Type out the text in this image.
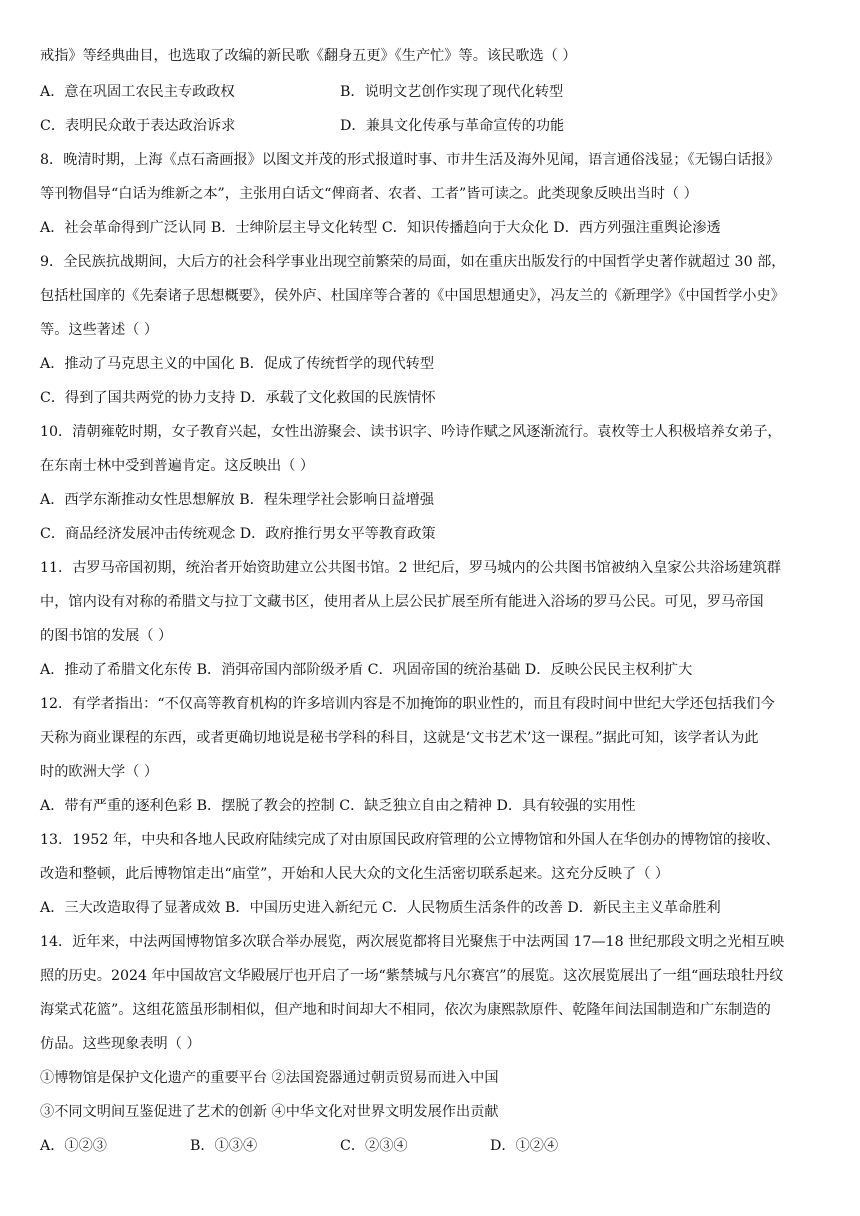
戒指》等经典曲目，也选取了改编的新民歌《翻身五更》《生产忙》等。该民歌选（ ）
A．意在巩固工农民主专政政权	B．说明文艺创作实现了现代化转型
C．表明民众敢于表达政治诉求	D．兼具文化传承与革命宣传的功能
8．晚清时期，上海《点石斋画报》以图文并茂的形式报道时事、市井生活及海外见闻，语言通俗浅显；《无锡白话报》
等刊物倡导“白话为维新之本”，主张用白话文“俾商者、农者、工者”皆可读之。此类现象反映出当时（ ）
A．社会革命得到广泛认同 B．士绅阶层主导文化转型 C．知识传播趋向于大众化 D．西方列强注重舆论渗透
9．全民族抗战期间，大后方的社会科学事业出现空前繁荣的局面，如在重庆出版发行的中国哲学史著作就超过 30 部，
包括杜国庠的《先秦诸子思想概要》，侯外庐、杜国庠等合著的《中国思想通史》，冯友兰的《新理学》《中国哲学小史》
等。这些著述（ ）
A．推动了马克思主义的中国化 B．促成了传统哲学的现代转型
C．得到了国共两党的协力支持 D．承载了文化救国的民族情怀
10．清朝雍乾时期，女子教育兴起，女性出游聚会、读书识字、吟诗作赋之风逐渐流行。袁枚等士人积极培养女弟子，
在东南士林中受到普遍肯定。这反映出（ ）
A．西学东渐推动女性思想解放 B．程朱理学社会影响日益增强
C．商品经济发展冲击传统观念 D．政府推行男女平等教育政策
11．古罗马帝国初期，统治者开始资助建立公共图书馆。2 世纪后，罗马城内的公共图书馆被纳入皇家公共浴场建筑群
中，馆内设有对称的希腊文与拉丁文藏书区，使用者从上层公民扩展至所有能进入浴场的罗马公民。可见，罗马帝国
的图书馆的发展（ ）
A．推动了希腊文化东传 B．消弭帝国内部阶级矛盾 C．巩固帝国的统治基础 D．反映公民民主权利扩大
12．有学者指出：“不仅高等教育机构的许多培训内容是不加掩饰的职业性的，而且有段时间中世纪大学还包括我们今
天称为商业课程的东西，或者更确切地说是秘书学科的科目，这就是‘文书艺术’这一课程。”据此可知，该学者认为此
时的欧洲大学（ ）
A．带有严重的逐利色彩 B．摆脱了教会的控制 C．缺乏独立自由之精神 D．具有较强的实用性
13．1952 年，中央和各地人民政府陆续完成了对由原国民政府管理的公立博物馆和外国人在华创办的博物馆的接收、
改造和整顿，此后博物馆走出“庙堂”，开始和人民大众的文化生活密切联系起来。这充分反映了（ ）
A．三大改造取得了显著成效 B．中国历史进入新纪元 C．人民物质生活条件的改善 D．新民主主义革命胜利
14．近年来，中法两国博物馆多次联合举办展览，两次展览都将目光聚焦于中法两国 17—18 世纪那段文明之光相互映
照的历史。2024 年中国故宫文华殿展厅也开启了一场“紫禁城与凡尔赛宫”的展览。这次展览展出了一组“画珐琅牡丹纹
海棠式花篮”。这组花篮虽形制相似，但产地和时间却大不相同，依次为康熙款原件、乾隆年间法国制造和广东制造的
仿品。这些现象表明（ ）
①博物馆是保护文化遗产的重要平台 ②法国瓷器通过朝贡贸易而进入中国
③不同文明间互鉴促进了艺术的创新 ④中华文化对世界文明发展作出贡献
A．①②③	B．①③④	C．②③④	D．①②④
